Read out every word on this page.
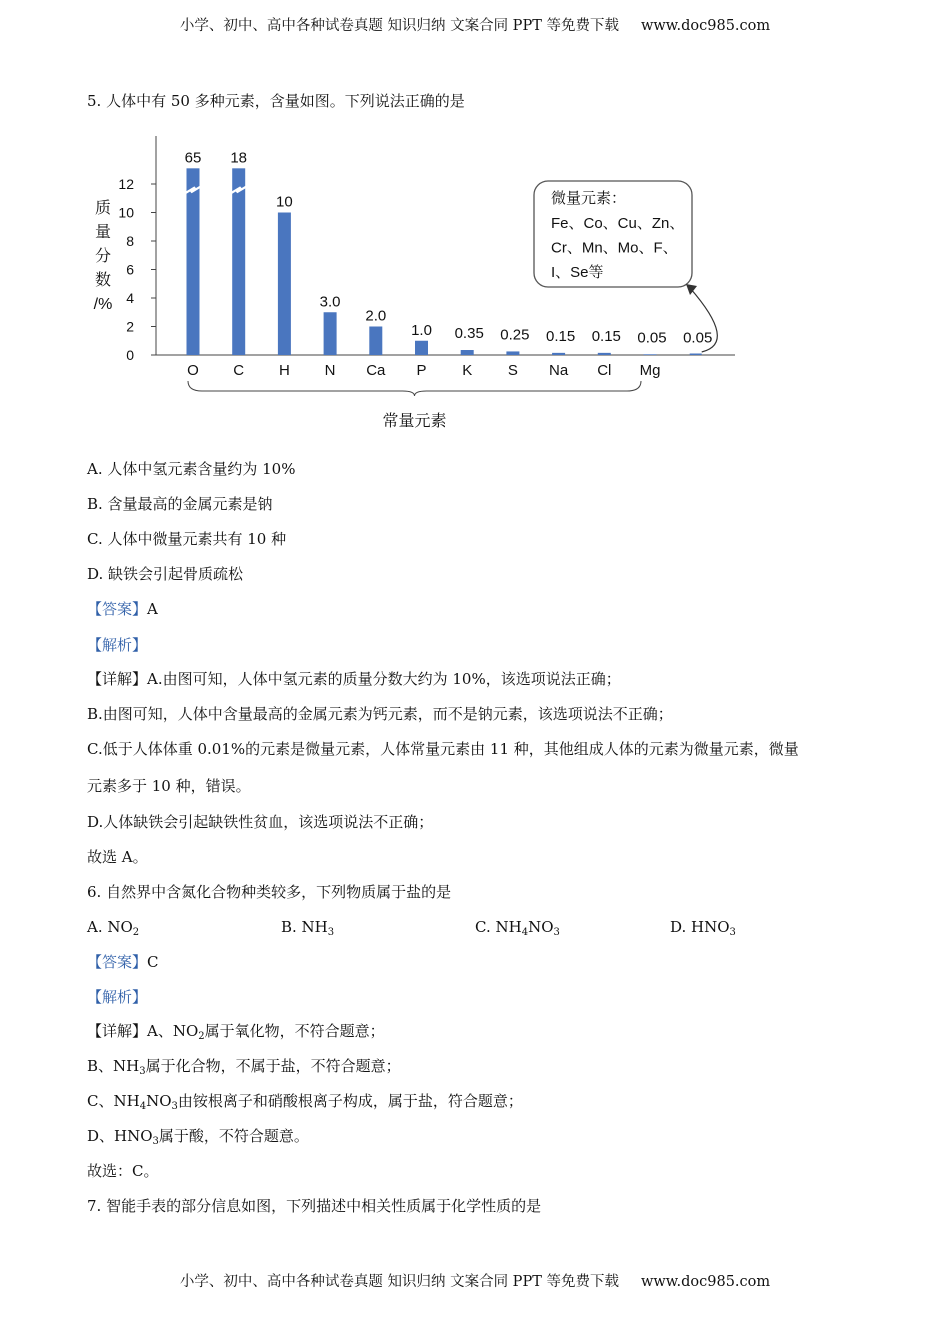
小学、初中、高中各种试卷真题 知识归纳 文案合同 PPT 等免费下载 www.doc985.com
5. 人体中有 50 多种元素，含量如图。下列说法正确的是
0
2
4
6
8
10
12
质
量
分
数
/%
65
O
18
C
10
H
3.0
N
2.0
Ca
1.0
P
0.35
K
0.25
S
0.15
Na
0.15
Cl
0.05
Mg
0.05
常量元素
微量元素：
Fe、Co、Cu、Zn、
Cr、Mn、Mo、F、
I、Se等
A. 人体中氢元素含量约为 10%
B. 含量最高的金属元素是钠
C. 人体中微量元素共有 10 种
D. 缺铁会引起骨质疏松
【答案】A
【解析】
【详解】A.由图可知，人体中氢元素的质量分数大约为 10%，该选项说法正确；
B.由图可知，人体中含量最高的金属元素为钙元素，而不是钠元素，该选项说法不正确；
C.低于人体体重 0.01%的元素是微量元素，人体常量元素由 11 种，其他组成人体的元素为微量元素，微量
元素多于 10 种，错误。
D.人体缺铁会引起缺铁性贫血，该选项说法不正确；
故选 A。
6. 自然界中含氮化合物种类较多，下列物质属于盐的是
A. $NO_2$	B. $NH_3$	C. $NH_4NO_3$	D. $HNO_3$
【答案】C
【解析】
【详解】A、$NO_2$属于氧化物，不符合题意；
B、$NH_3$属于化合物，不属于盐，不符合题意；
C、$NH_4NO_3$由铵根离子和硝酸根离子构成，属于盐，符合题意；
D、$HNO_3$属于酸，不符合题意。
故选：C。
7. 智能手表的部分信息如图，下列描述中相关性质属于化学性质的是
小学、初中、高中各种试卷真题 知识归纳 文案合同 PPT 等免费下载 www.doc985.com
